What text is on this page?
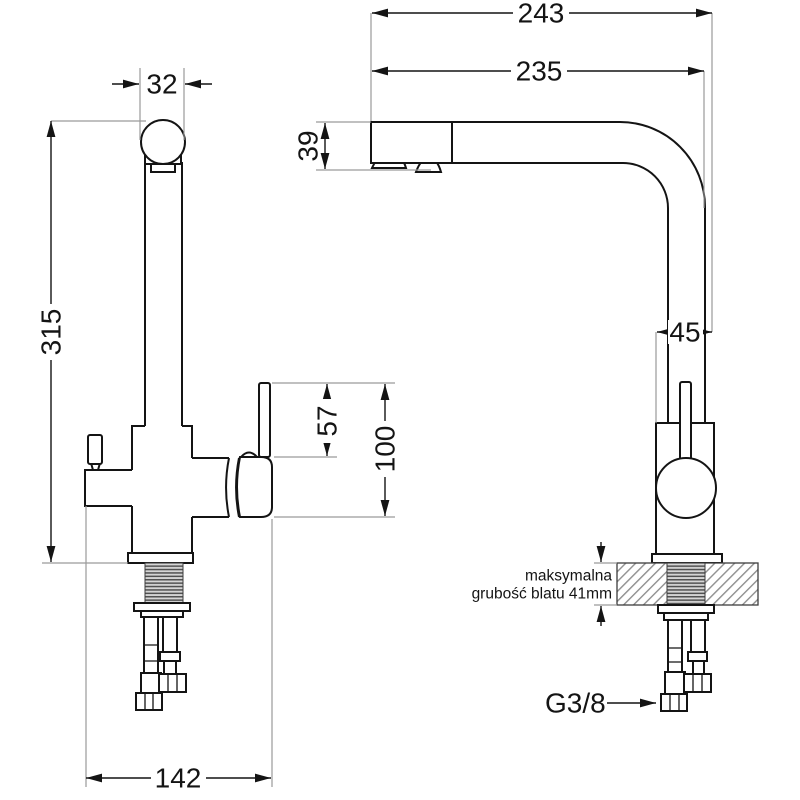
243
235
39
45
32
315
57
100
142
maksymalna
grubość blatu 41mm
G3/8
